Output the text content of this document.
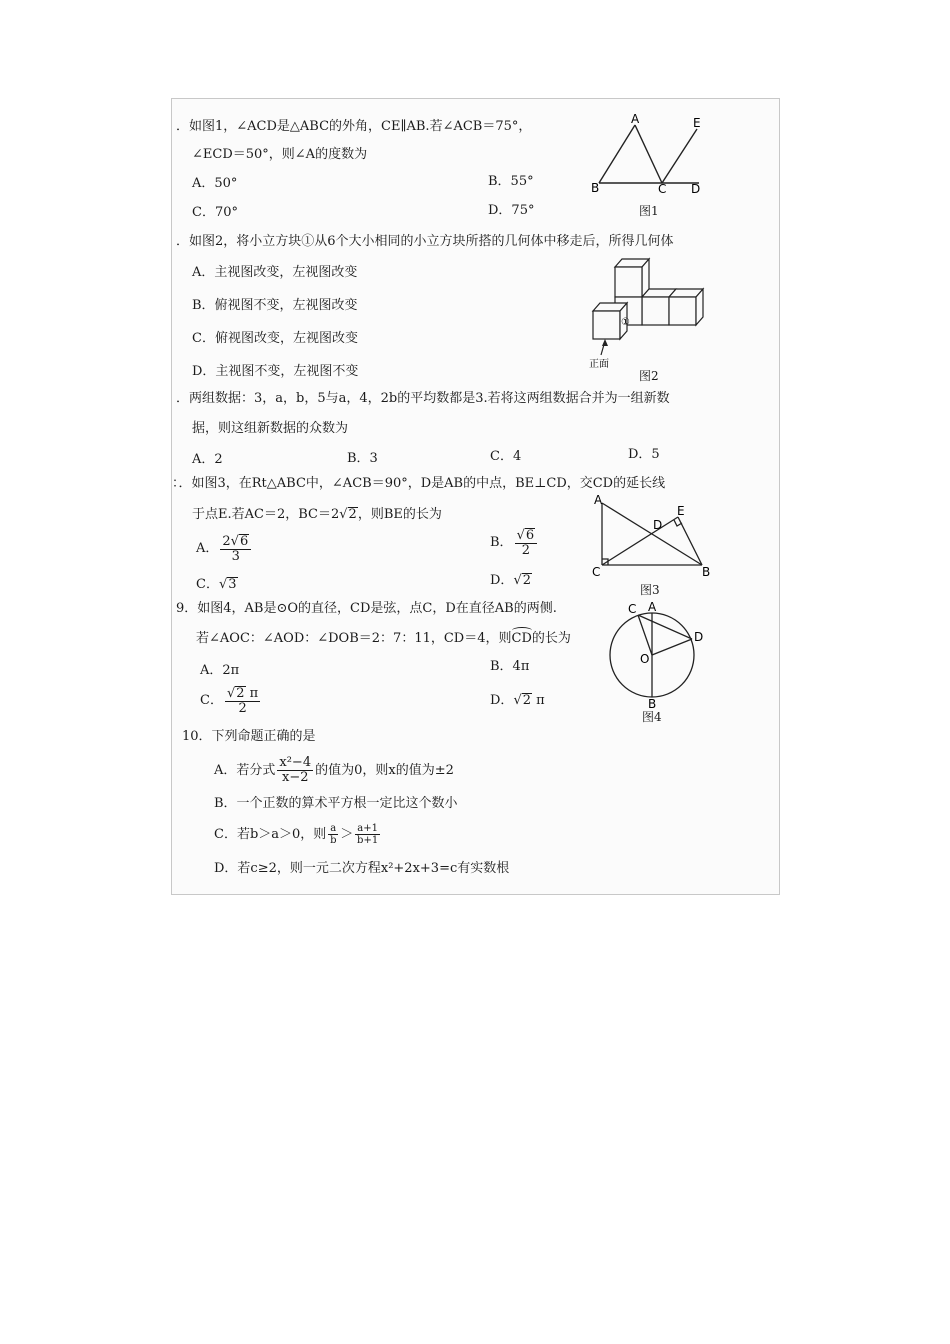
．如图1，∠ACD是△ABC的外角，CE∥AB.若∠ACB＝75°，
∠ECD＝50°，则∠A的度数为
A．50°	B．55°
C．70°	D．75°
A
B	C D
E
图1
．如图2，将小立方块①从6个大小相同的小立方块所搭的几何体中移走后，所得几何体
A．主视图改变，左视图改变
B．俯视图不变，左视图改变
C．俯视图改变，左视图改变
D．主视图不变，左视图不变
①
正面
图2
．两组数据：3，a，b，5与a，4，2b的平均数都是3.若将这两组数据合并为一组新数
据，则这组新数据的众数为
A．2	B．3	C．4	D．5
：．如图3，在Rt△ABC中，∠ACB＝90°，D是AB的中点，BE⊥CD，交CD的延长线
于点E.若AC＝2，BC＝2√2，则BE的长为
A． $\frac{2√6}{3}$	B． $\frac{√6}{2}$
C．√3	D．√2
A
C	B
D
E
图3
9．如图4，AB是⊙O的直径，CD是弦，点C，D在直径AB的两侧.
若∠AOC：∠AOD：∠DOB＝2：7：11，CD＝4，则CD的长为
A．2π	B．4π
C． $\frac{√2 \pi}{2}$	D．√2 π
C A
D
O
B
图4
10．下列命题正确的是
A．若分式 $\frac{\text{x²−4}}{x-2}$ 的值为0，则x的值为±2
B．一个正数的算术平方根一定比这个数小
C．若b＞a＞0，则 $\frac{a}{b} > \frac{a+1}{b+1}$
D．若c≥2，则一元二次方程x²+2x+3=c有实数根
